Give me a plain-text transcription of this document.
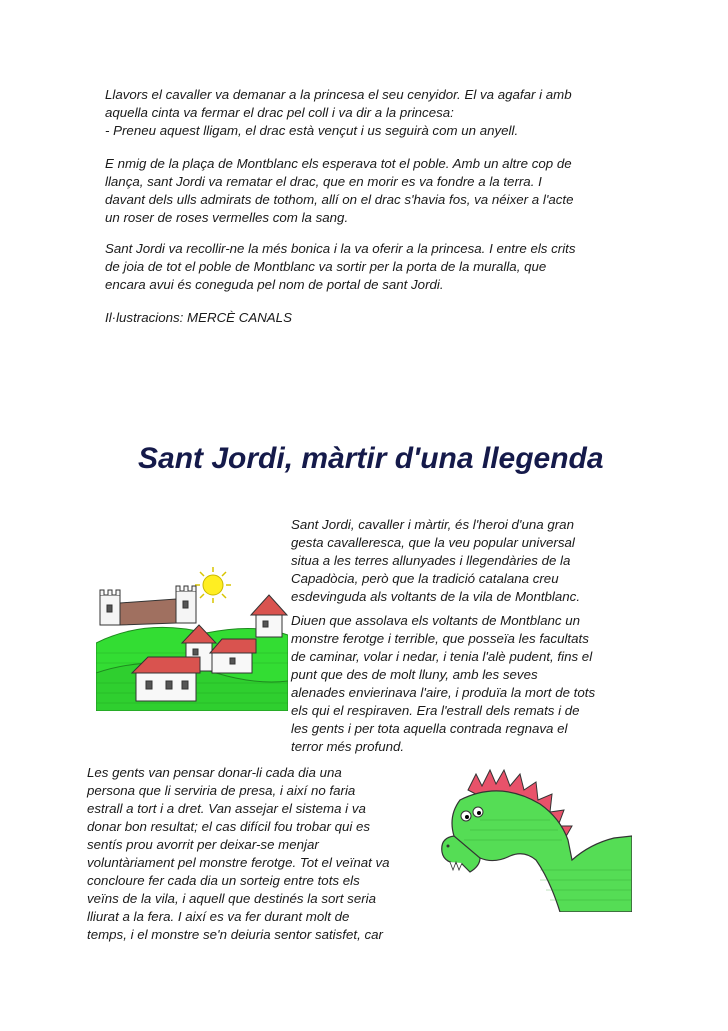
Llavors el cavaller va demanar a la princesa el seu cenyidor. El va agafar i amb
aquella cinta va fermar el drac pel coll i va dir a la princesa:
- Preneu aquest lligam, el drac està vençut i us seguirà com un anyell.

E nmig de la plaça de Montblanc els esperava tot el poble. Amb un altre cop de
llança, sant Jordi va rematar el drac, que en morir es va fondre a la terra. I
davant dels ulls admirats de tothom, allí on el drac s'havia fos, va néixer a l'acte
un roser de roses vermelles com la sang.

Sant Jordi va recollir-ne la més bonica i la va oferir a la princesa. I entre els crits
de joia de tot el poble de Montblanc va sortir per la porta de la muralla, que
encara avui és coneguda pel nom de portal de sant Jordi.

Il·lustracions: MERCÈ CANALS

Sant Jordi, màrtir d'una llegenda

Sant Jordi, cavaller i màrtir, és l'heroi d'una gran
gesta cavalleresca, que la veu popular universal
situa a les terres allunyades i llegendàries de la
Capadòcia, però que la tradició catalana creu
esdevinguda als voltants de la vila de Montblanc.

Diuen que assolava els voltants de Montblanc un
monstre ferotge i terrible, que posseïa les facultats
de caminar, volar i nedar, i tenia l'alè pudent, fins el
punt que des de molt lluny, amb les seves
alenades envierinava l'aire, i produïa la mort de tots
els qui el respiraven. Era l'estrall dels remats i de
les gents i per tota aquella contrada regnava el
terror més profund.

Les gents van pensar donar-li cada dia una
persona que li serviria de presa, i així no faria
estrall a tort i a dret. Van assejar el sistema i va
donar bon resultat; el cas difícil fou trobar qui es
sentís prou avorrit per deixar-se menjar
voluntàriament pel monstre ferotge. Tot el veïnat va
concloure fer cada dia un sorteig entre tots els
veïns de la vila, i aquell que destinés la sort seria
lliurat a la fera. I així es va fer durant molt de
temps, i el monstre se'n deiuria sentor satisfet, car
